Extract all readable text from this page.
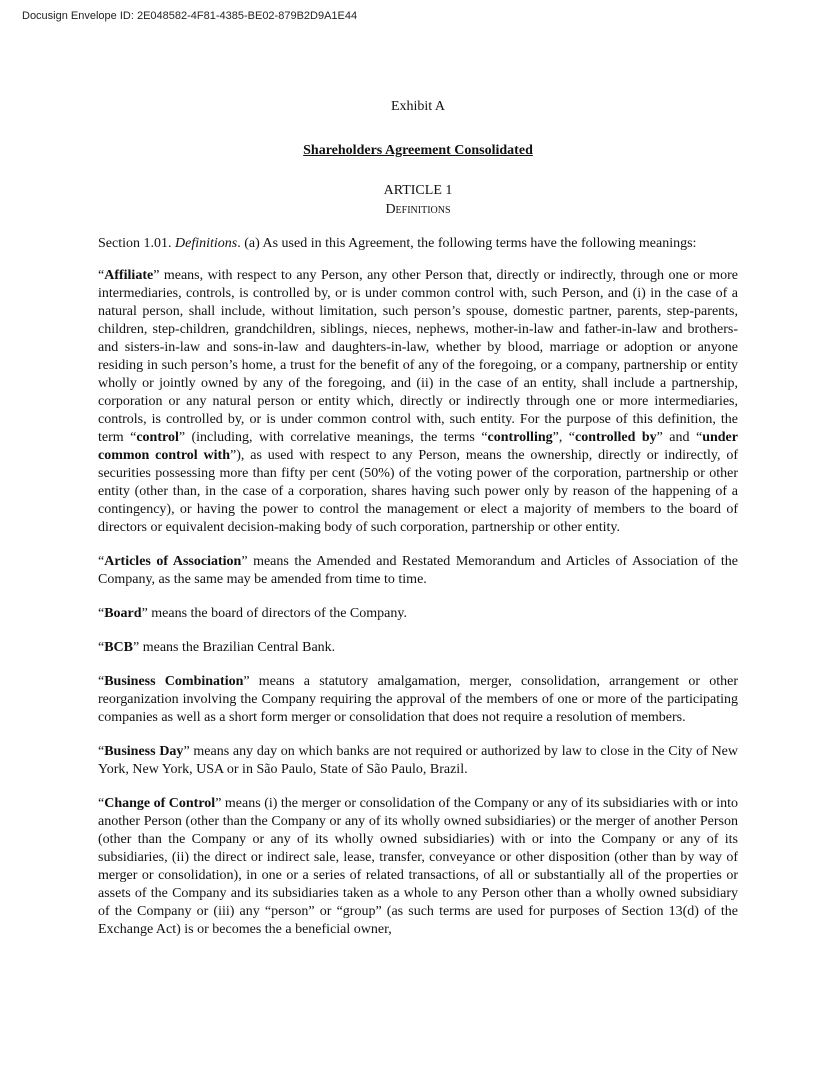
Docusign Envelope ID: 2E048582-4F81-4385-BE02-879B2D9A1E44
Exhibit A
Shareholders Agreement Consolidated
ARTICLE 1
Definitions

Section 1.01. Definitions. (a) As used in this Agreement, the following terms have the following meanings:

“Affiliate” means, with respect to any Person, any other Person that, directly or indirectly, through one or more intermediaries, controls, is controlled by, or is under common control with, such Person, and (i) in the case of a natural person, shall include, without limitation, such person’s spouse, domestic partner, parents, step-parents, children, step-children, grandchildren, siblings, nieces, nephews, mother-in-law and father-in-law and brothers- and sisters-in-law and sons-in-law and daughters-in-law, whether by blood, marriage or adoption or anyone residing in such person’s home, a trust for the benefit of any of the foregoing, or a company, partnership or entity wholly or jointly owned by any of the foregoing, and (ii) in the case of an entity, shall include a partnership, corporation or any natural person or entity which, directly or indirectly through one or more intermediaries, controls, is controlled by, or is under common control with, such entity. For the purpose of this definition, the term “control” (including, with correlative meanings, the terms “controlling”, “controlled by” and “under common control with”), as used with respect to any Person, means the ownership, directly or indirectly, of securities possessing more than fifty per cent (50%) of the voting power of the corporation, partnership or other entity (other than, in the case of a corporation, shares having such power only by reason of the happening of a contingency), or having the power to control the management or elect a majority of members to the board of directors or equivalent decision-making body of such corporation, partnership or other entity.

“Articles of Association” means the Amended and Restated Memorandum and Articles of Association of the Company, as the same may be amended from time to time.

“Board” means the board of directors of the Company.

“BCB” means the Brazilian Central Bank.

“Business Combination” means a statutory amalgamation, merger, consolidation, arrangement or other reorganization involving the Company requiring the approval of the members of one or more of the participating companies as well as a short form merger or consolidation that does not require a resolution of members.

“Business Day” means any day on which banks are not required or authorized by law to close in the City of New York, New York, USA or in São Paulo, State of São Paulo, Brazil.

“Change of Control” means (i) the merger or consolidation of the Company or any of its subsidiaries with or into another Person (other than the Company or any of its wholly owned subsidiaries) or the merger of another Person (other than the Company or any of its wholly owned subsidiaries) with or into the Company or any of its subsidiaries, (ii) the direct or indirect sale, lease, transfer, conveyance or other disposition (other than by way of merger or consolidation), in one or a series of related transactions, of all or substantially all of the properties or assets of the Company and its subsidiaries taken as a whole to any Person other than a wholly owned subsidiary of the Company or (iii) any “person” or “group” (as such terms are used for purposes of Section 13(d) of the Exchange Act) is or becomes the a beneficial owner,
